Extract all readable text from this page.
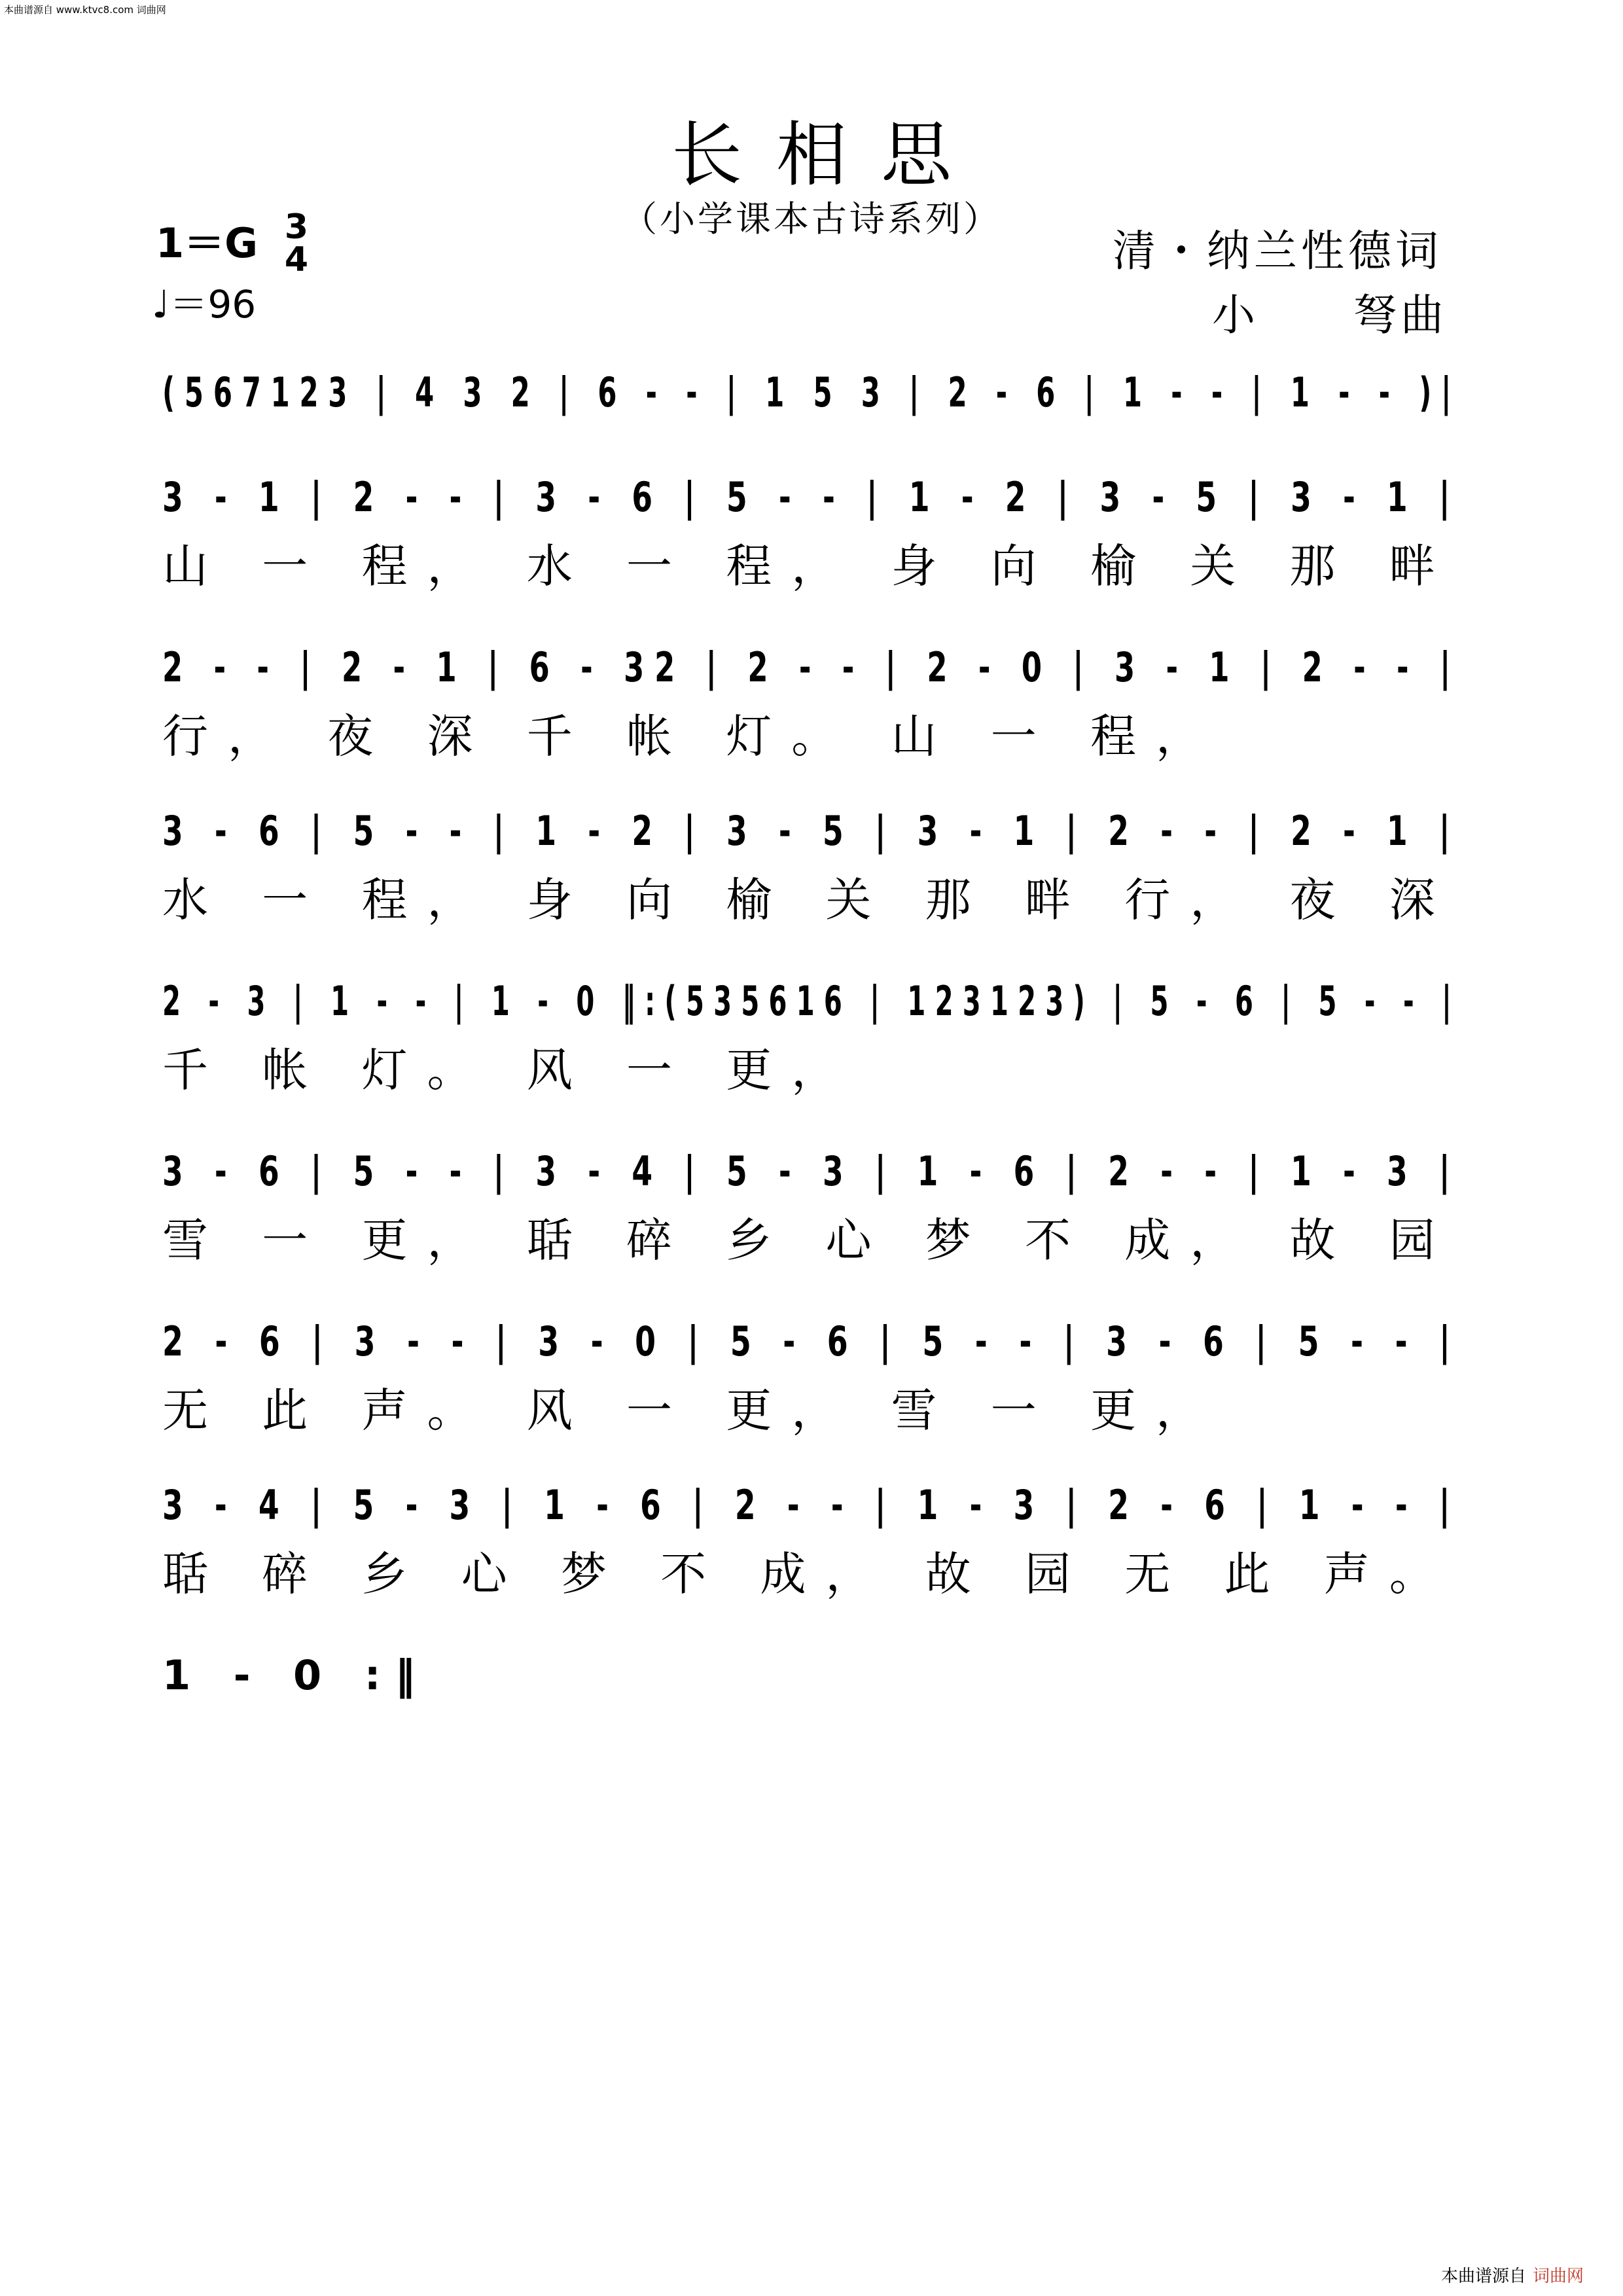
本曲谱源自 www.ktvc8.com 词曲网
长相思
（小学课本古诗系列）
1＝G 3
4
♩＝96
清・纳兰性德词
小　　弩曲
(567123 | 4 3 2 | 6 - - | 1 5 3 | 2 - 6 | 1 - - | 1 - - )|
3 - 1 | 2 - - | 3 - 6 | 5 - - | 1 - 2 | 3 - 5 | 3 - 1 |
山 一 程， 水 一 程， 身 向 榆 关 那 畔
2 - - | 2 - 1 | 6 - 32 | 2 - - | 2 - 0 | 3 - 1 | 2 - - |
行， 夜 深 千 帐 灯。 山 一 程，
3 - 6 | 5 - - | 1 - 2 | 3 - 5 | 3 - 1 | 2 - - | 2 - 1 |
水 一 程， 身 向 榆 关 那 畔 行， 夜 深
2 - 3 | 1 - - | 1 - 0 ‖:(535616 | 123123) | 5 - 6 | 5 - - |
千 帐 灯。 风 一 更，
3 - 6 | 5 - - | 3 - 4 | 5 - 3 | 1 - 6 | 2 - - | 1 - 3 |
雪 一 更， 聒 碎 乡 心 梦 不 成， 故 园
2 - 6 | 3 - - | 3 - 0 | 5 - 6 | 5 - - | 3 - 6 | 5 - - |
无 此 声。 风 一 更， 雪 一 更，
3 - 4 | 5 - 3 | 1 - 6 | 2 - - | 1 - 3 | 2 - 6 | 1 - - |
聒 碎 乡 心 梦 不 成， 故 园 无 此 声。
1 - 0 :‖
本曲谱源自 词曲网
